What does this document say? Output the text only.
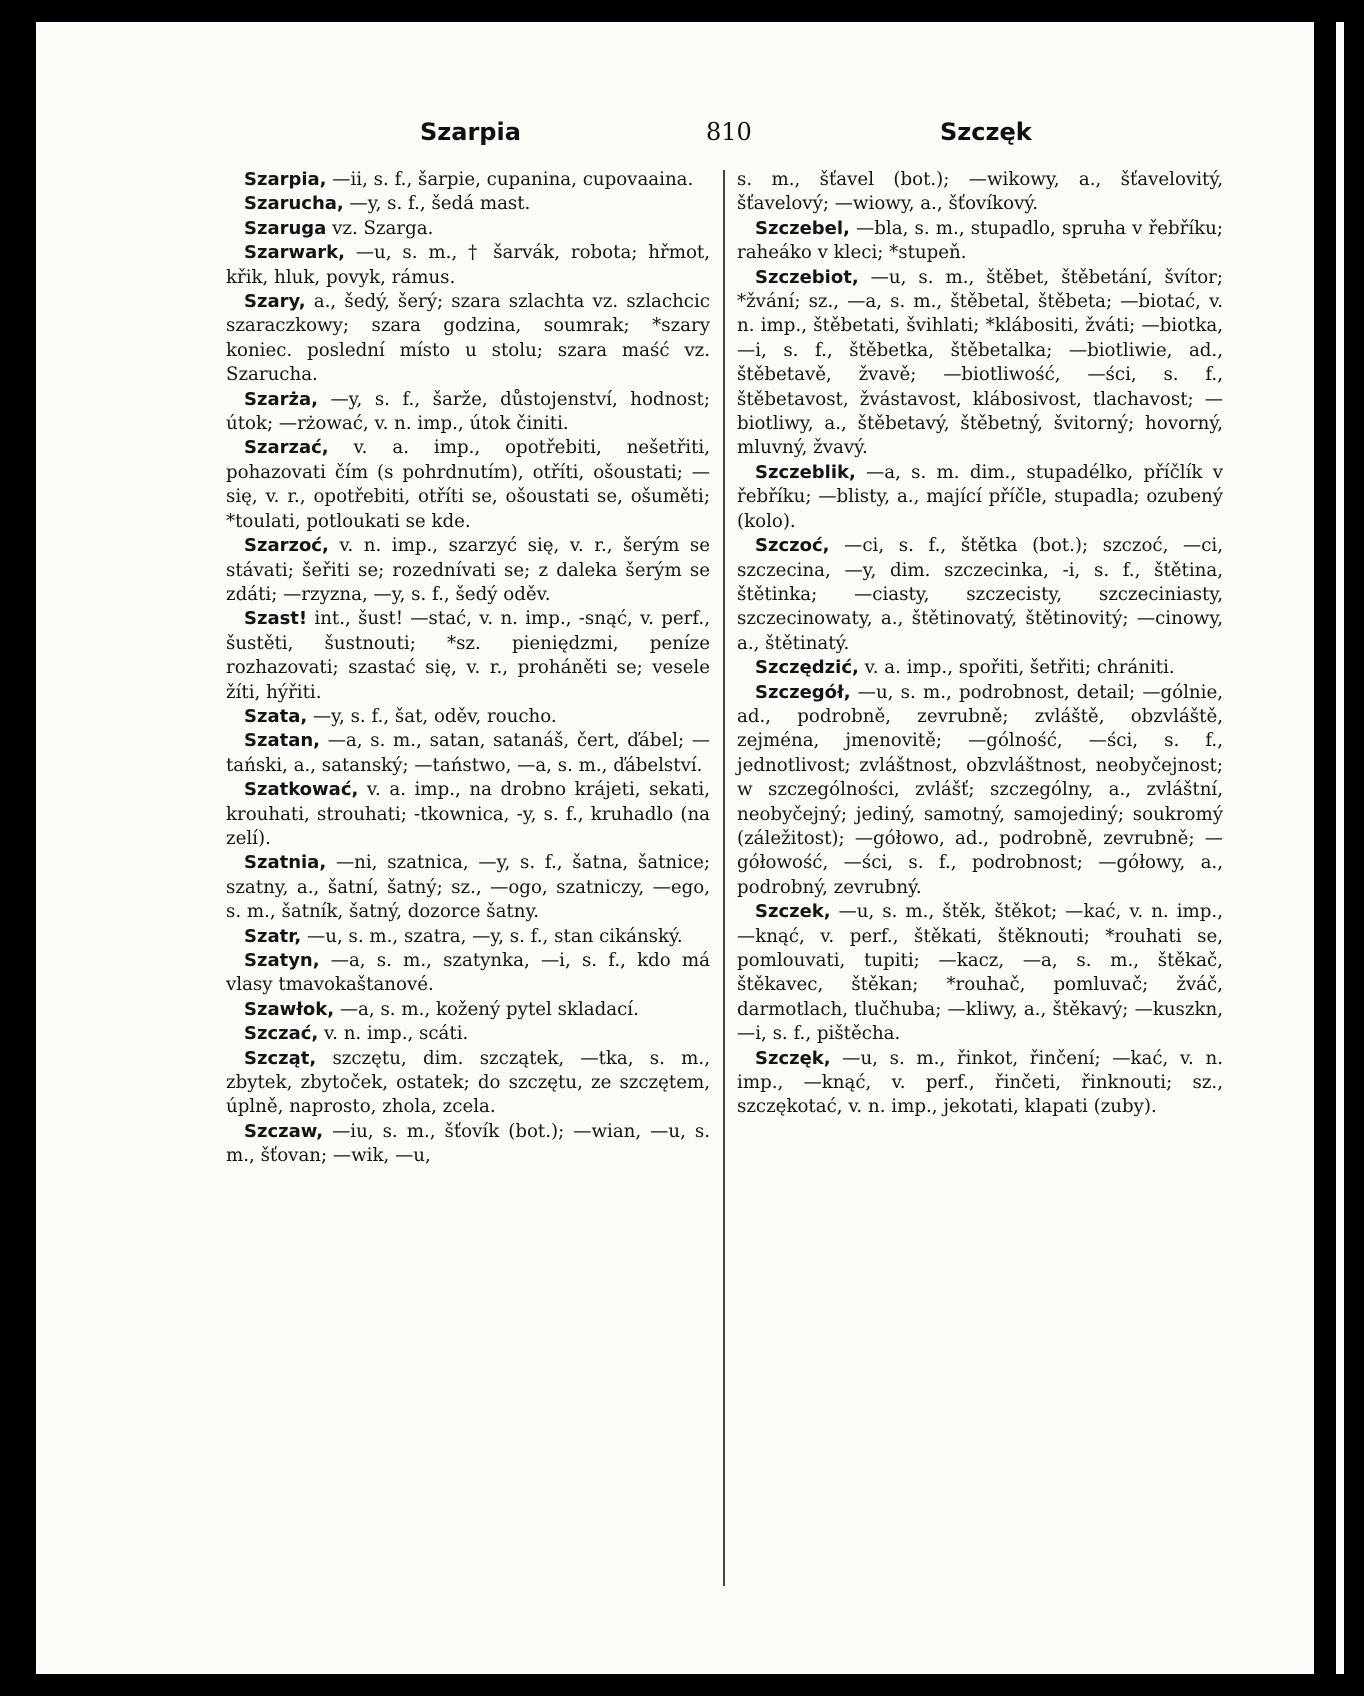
Szarpia	810	Szczęk
Szarpia, —ii, s. f., šarpie, cupanina, cupovaaina.
Szarucha, —y, s. f., šedá mast.
Szaruga vz. Szarga.
Szarwark, —u, s. m., † šarvák, robota; hřmot, křik, hluk, povyk, rámus.
Szary, a., šedý, šerý; szara szlachta vz. szlachcic szaraczkowy; szara godzina, soumrak; *szary koniec. poslední místo u stolu; szara maść vz. Szarucha.
Szarża, —y, s. f., šarže, důstojenství, hodnost; útok; —rżować, v. n. imp., útok činiti.
Szarzać, v. a. imp., opotřebiti, nešetřiti, pohazovati čím (s pohrdnutím), otříti, ošoustati; — się, v. r., opotřebiti, otříti se, ošoustati se, ošuměti; *toulati, potloukati se kde.
Szarzoć, v. n. imp., szarzyć się, v. r., šerým se stávati; šeřiti se; rozednívati se; z daleka šerým se zdáti; —rzyzna, —y, s. f., šedý oděv.
Szast! int., šust! —stać, v. n. imp., -snąć, v. perf., šustěti, šustnouti; *sz. pieniędzmi, peníze rozhazovati; szastać się, v. r., proháněti se; vesele žíti, hýřiti.
Szata, —y, s. f., šat, oděv, roucho.
Szatan, —a, s. m., satan, satanáš, čert, ďábel; —tański, a., satanský; —taństwo, —a, s. m., ďábelství.
Szatkować, v. a. imp., na drobno krájeti, sekati, krouhati, strouhati; -tkownica, -y, s. f., kruhadlo (na zelí).
Szatnia, —ni, szatnica, —y, s. f., šatna, šatnice; szatny, a., šatní, šatný; sz., —ogo, szatniczy, —ego, s. m., šatník, šatný, dozorce šatny.
Szatr, —u, s. m., szatra, —y, s. f., stan cikánský.
Szatyn, —a, s. m., szatynka, —i, s. f., kdo má vlasy tmavokaštanové.
Szawłok, —a, s. m., kožený pytel skladací.
Szczać, v. n. imp., scáti.
Szcząt, szczętu, dim. szczątek, —tka, s. m., zbytek, zbytoček, ostatek; do szczętu, ze szczętem, úplně, naprosto, zhola, zcela.
Szczaw, —iu, s. m., šťovík (bot.); —wian, —u, s. m., šťovan; —wik, —u,
s. m., šťavel (bot.); —wikowy, a., šťavelovitý, šťavelový; —wiowy, a., šťovíkový.
Szczebel, —bla, s. m., stupadlo, spruha v řebříku; raheáko v kleci; *stupeň.
Szczebiot, —u, s. m., štěbet, štěbetání, švítor; *žvání; sz., —a, s. m., štěbetal, štěbeta; —biotać, v. n. imp., štěbetati, švihlati; *klábositi, žváti; —biotka, —i, s. f., štěbetka, štěbetalka; —biotliwie, ad., štěbetavě, žvavě; —biotliwość, —ści, s. f., štěbetavost, žvástavost, klábosivost, tlachavost; —biotliwy, a., štěbetavý, štěbetný, švitorný; hovorný, mluvný, žvavý.
Szczeblik, —a, s. m. dim., stupadélko, příčlík v řebříku; —blisty, a., mající příčle, stupadla; ozubený (kolo).
Szczoć, —ci, s. f., štětka (bot.); szczoć, —ci, szczecina, —y, dim. szczecinka, -i, s. f., štětina, štětinka; —ciasty, szczecisty, szczeciniasty, szczecinowaty, a., štětinovatý, štětinovitý; —cinowy, a., štětinatý.
Szczędzić, v. a. imp., spořiti, šetřiti; chrániti.
Szczegół, —u, s. m., podrobnost, detail; —gólnie, ad., podrobně, zevrubně; zvláště, obzvláště, zejména, jmenovitě; —gólność, —ści, s. f., jednotlivost; zvláštnost, obzvláštnost, neobyčejnost; w szczególności, zvlášť; szczególny, a., zvláštní, neobyčejný; jediný, samotný, samojediný; soukromý (záležitost); —gółowo, ad., podrobně, zevrubně; —gółowość, —ści, s. f., podrobnost; —gółowy, a., podrobný, zevrubný.
Szczek, —u, s. m., štěk, štěkot; —kać, v. n. imp., —knąć, v. perf., štěkati, štěknouti; *rouhati se, pomlouvati, tupiti; —kacz, —a, s. m., štěkač, štěkavec, štěkan; *rouhač, pomluvač; žváč, darmotlach, tlučhuba; —kliwy, a., štěkavý; —kuszkn, —i, s. f., pištěcha.
Szczęk, —u, s. m., řinkot, řinčení; —kać, v. n. imp., —knąć, v. perf., řinčeti, řinknouti; sz., szczękotać, v. n. imp., jekotati, klapati (zuby).
